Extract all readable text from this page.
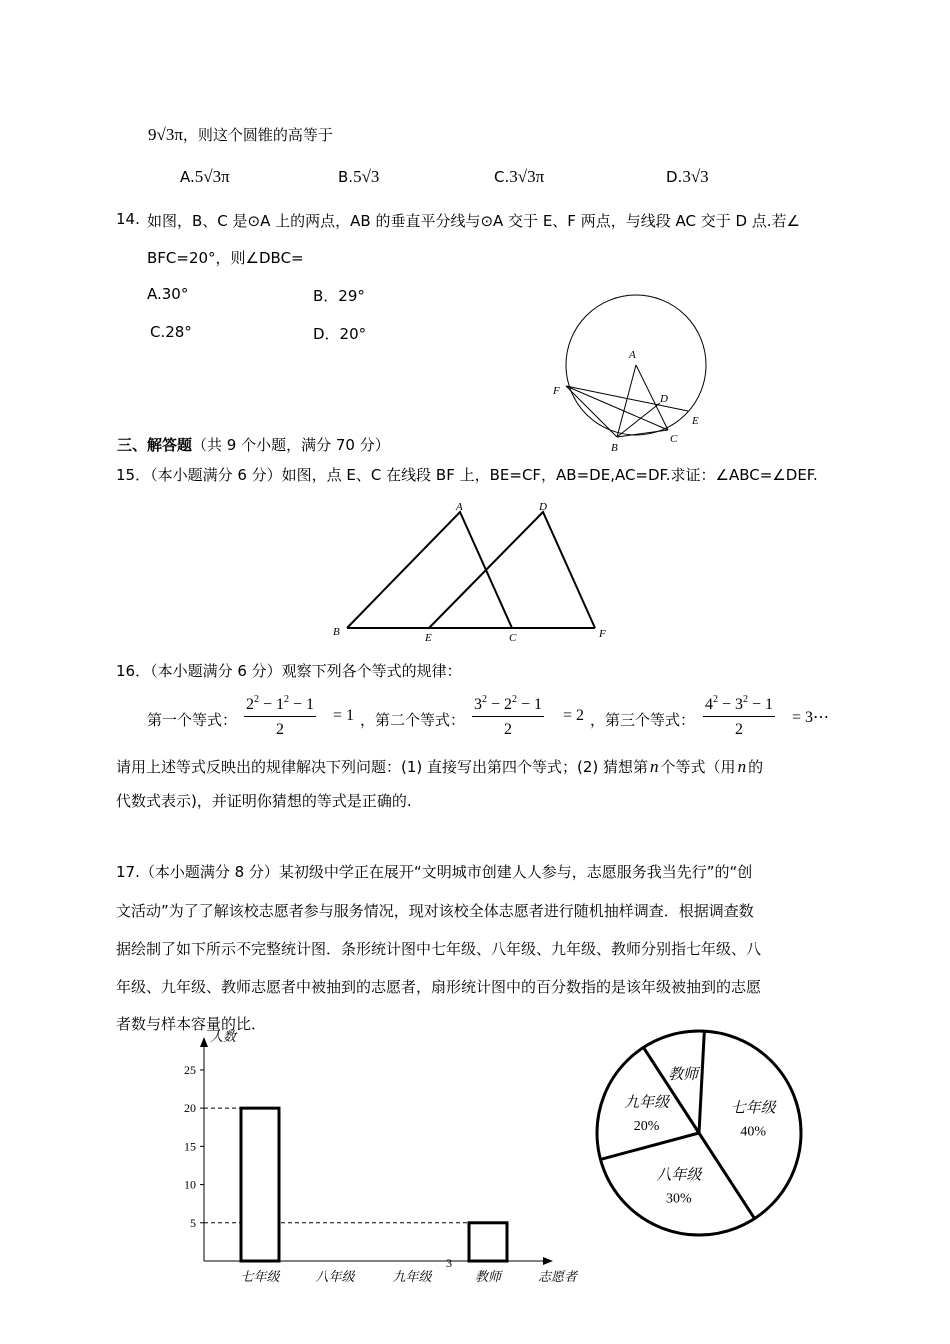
9√3π，则这个圆锥的高等于
A.5√3π	B.5√3	C.3√3π	D.3√3
14. 如图，B、C 是⊙A 上的两点，AB 的垂直平分线与⊙A 交于 E、F 两点，与线段 AC 交于 D 点.若∠
BFC=20°，则∠DBC=
A.30°	B．29°
C.28°	D．20°
A
B
C
D
E
F
三、解答题（共 9 个小题，满分 70 分）
15．（本小题满分 6 分）如图，点 E、C 在线段 BF 上，BE=CF，AB=DE,AC=DF.求证：∠ABC=∠DEF.
A
B	C
D
E	F
16．（本小题满分 6 分）观察下列各个等式的规律：
第一个等式：
$2^2 - 1^2 - 1$
2
= 1 ，第二个等式：
$3^2 - 2^2 - 1$
2
= 2 ，第三个等式：
$4^2 - 3^2 - 1$
2
= 3⋯
请用上述等式反映出的规律解决下列问题：(1) 直接写出第四个等式；(2) 猜想第 n 个等式（用 n 的
代数式表示)，并证明你猜想的等式是正确的.
17.（本小题满分 8 分）某初级中学正在展开“文明城市创建人人参与，志愿服务我当先行”的“创
文活动”为了了解该校志愿者参与服务情况，现对该校全体志愿者进行随机抽样调查．根据调查数
据绘制了如下所示不完整统计图．条形统计图中七年级、八年级、九年级、教师分别指七年级、八
年级、九年级、教师志愿者中被抽到的志愿者，扇形统计图中的百分数指的是该年级被抽到的志愿
者数与样本容量的比．
5
10
15
20
25
七年级	八年级	九年级	教师
人数
志愿者
七年级
40%
八年级
30%
九年级
20%
教师
3
